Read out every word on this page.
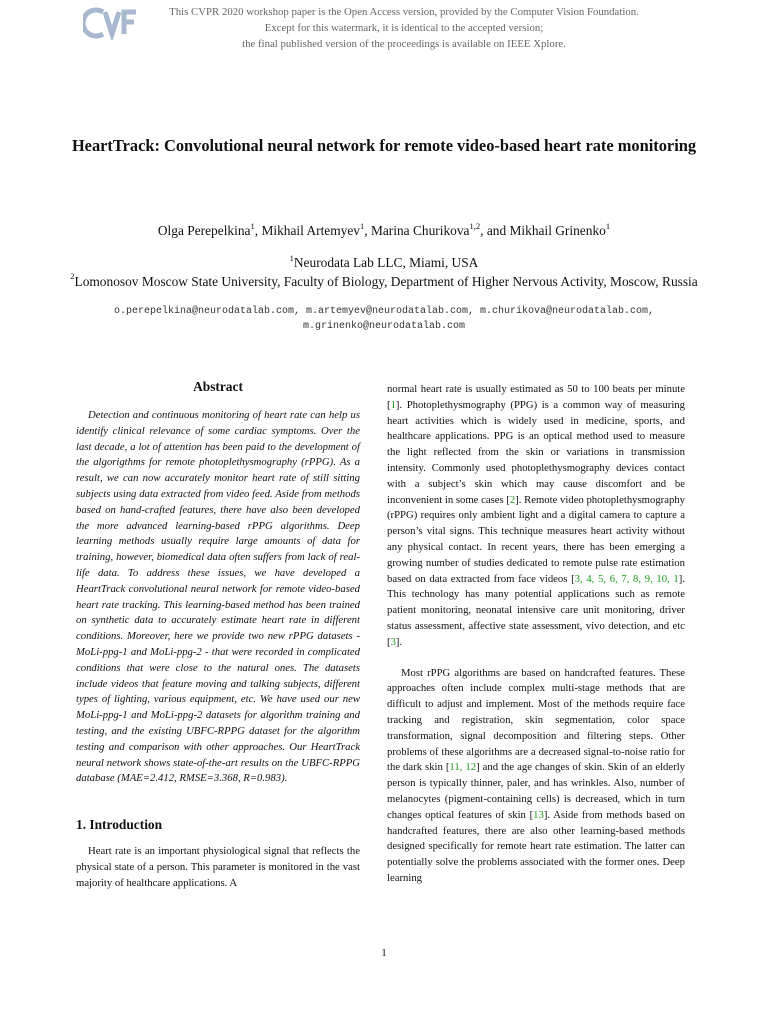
This CVPR 2020 workshop paper is the Open Access version, provided by the Computer Vision Foundation.
Except for this watermark, it is identical to the accepted version;
the final published version of the proceedings is available on IEEE Xplore.
HeartTrack: Convolutional neural network for remote video-based heart rate monitoring
Olga Perepelkina$^1$, Mikhail Artemyev$^1$, Marina Churikova$^{1,2}$, and Mikhail Grinenko$^1$
$^1$Neurodata Lab LLC, Miami, USA
$^2$Lomonosov Moscow State University, Faculty of Biology, Department of Higher Nervous Activity, Moscow, Russia
o.perepelkina@neurodatalab.com, m.artemyev@neurodatalab.com, m.churikova@neurodatalab.com,
m.grinenko@neurodatalab.com
Abstract

Detection and continuous monitoring of heart rate can help us identify clinical relevance of some cardiac symptoms. Over the last decade, a lot of attention has been paid to the development of the algorigthms for remote photoplethysmography (rPPG). As a result, we can now accurately monitor heart rate of still sitting subjects using data extracted from video feed. Aside from methods based on hand-crafted features, there have also been developed the more advanced learning-based rPPG algorithms. Deep learning methods usually require large amounts of data for training, however, biomedical data often suffers from lack of real-life data. To address these issues, we have developed a HeartTrack convolutional neural network for remote video-based heart rate tracking. This learning-based method has been trained on synthetic data to accurately estimate heart rate in different conditions. Moreover, here we provide two new rPPG datasets - MoLi-ppg-1 and MoLi-ppg-2 - that were recorded in complicated conditions that were close to the natural ones. The datasets include videos that feature moving and talking subjects, different types of lighting, various equipment, etc. We have used our new MoLi-ppg-1 and MoLi-ppg-2 datasets for algorithm training and testing, and the existing UBFC-RPPG dataset for the algorithm testing and comparison with other approaches. Our HeartTrack neural network shows state-of-the-art results on the UBFC-RPPG database (MAE=2.412, RMSE=3.368, R=0.983).

1. Introduction

Heart rate is an important physiological signal that reflects the physical state of a person. This parameter is monitored in the vast majority of healthcare applications. A

normal heart rate is usually estimated as 50 to 100 beats per minute [1]. Photoplethysmography (PPG) is a common way of measuring heart activities which is widely used in medicine, sports, and healthcare applications. PPG is an optical method used to measure the light reflected from the skin or variations in transmission intensity. Commonly used photoplethysmography devices contact with a subject’s skin which may cause discomfort and be inconvenient in some cases [2]. Remote video photoplethysmography (rPPG) requires only ambient light and a digital camera to capture a person’s vital signs. This technique measures heart activity without any physical contact. In recent years, there has been emerging a growing number of studies dedicated to remote pulse rate estimation based on data extracted from face videos [3, 4, 5, 6, 7, 8, 9, 10, 1]. This technology has many potential applications such as remote patient monitoring, neonatal intensive care unit monitoring, driver status assessment, affective state assessment, vivo detection, and etc [3].

Most rPPG algorithms are based on handcrafted features. These approaches often include complex multi-stage methods that are difficult to adjust and implement. Most of the methods require face tracking and registration, skin segmentation, color space transformation, signal decomposition and filtering steps. Other problems of these algorithms are a decreased signal-to-noise ratio for the dark skin [11, 12] and the age changes of skin. Skin of an elderly person is typically thinner, paler, and has wrinkles. Also, number of melanocytes (pigment-containing cells) is decreased, which in turn changes optical features of skin [13]. Aside from methods based on handcrafted features, there are also other learning-based methods designed specifically for remote heart rate estimation. The latter can potentially solve the problems associated with the former ones. Deep learning

1
